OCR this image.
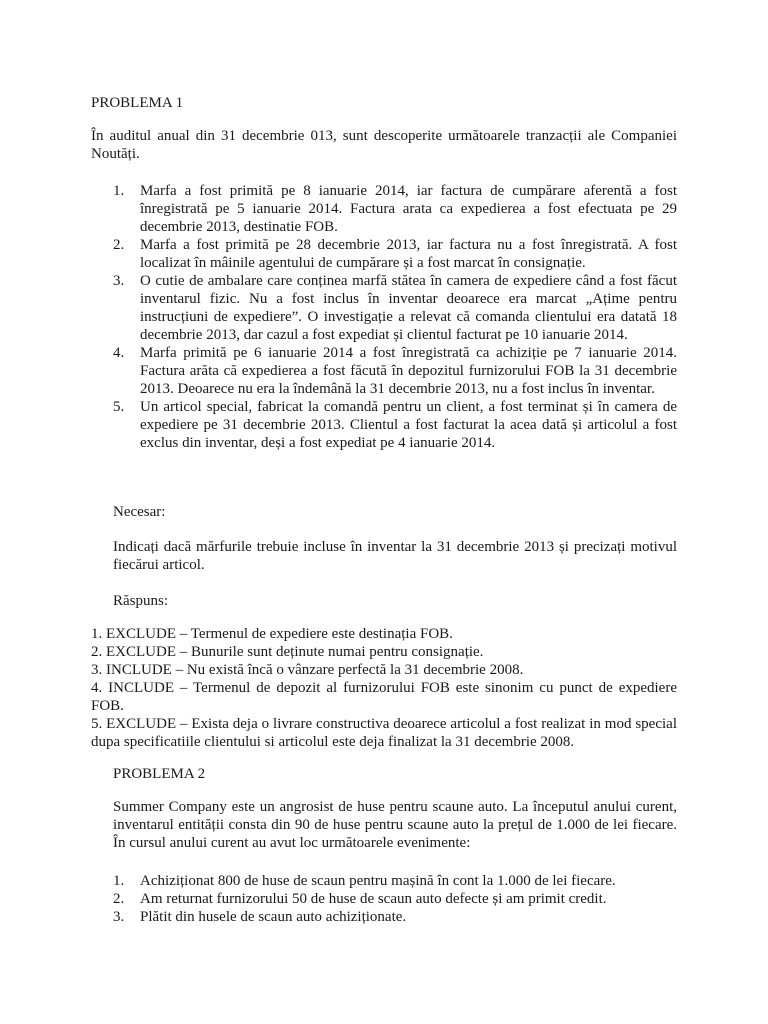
PROBLEMA 1
În auditul anual din 31 decembrie 013, sunt descoperite următoarele tranzacții ale Companiei Noutăți.
1. Marfa a fost primită pe 8 ianuarie 2014, iar factura de cumpărare aferentă a fost înregistrată pe 5 ianuarie 2014. Factura arata ca expedierea a fost efectuata pe 29 decembrie 2013, destinatie FOB.
2. Marfa a fost primită pe 28 decembrie 2013, iar factura nu a fost înregistrată. A fost localizat în mâinile agentului de cumpărare și a fost marcat în consignație.
3. O cutie de ambalare care conținea marfă stătea în camera de expediere când a fost făcut inventarul fizic. Nu a fost inclus în inventar deoarece era marcat „Ațime pentru instrucțiuni de expediere”. O investigație a relevat că comanda clientului era datată 18 decembrie 2013, dar cazul a fost expediat și clientul facturat pe 10 ianuarie 2014.
4. Marfa primită pe 6 ianuarie 2014 a fost înregistrată ca achiziție pe 7 ianuarie 2014. Factura arăta că expedierea a fost făcută în depozitul furnizorului FOB la 31 decembrie 2013. Deoarece nu era la îndemână la 31 decembrie 2013, nu a fost inclus în inventar.
5. Un articol special, fabricat la comandă pentru un client, a fost terminat și în camera de expediere pe 31 decembrie 2013. Clientul a fost facturat la acea dată și articolul a fost exclus din inventar, deși a fost expediat pe 4 ianuarie 2014.
Necesar:
Indicați dacă mărfurile trebuie incluse în inventar la 31 decembrie 2013 și precizați motivul fiecărui articol.
Răspuns:
1. EXCLUDE – Termenul de expediere este destinația FOB.
2. EXCLUDE – Bunurile sunt deținute numai pentru consignație.
3. INCLUDE – Nu există încă o vânzare perfectă la 31 decembrie 2008.
4. INCLUDE – Termenul de depozit al furnizorului FOB este sinonim cu punct de expediere FOB.
5. EXCLUDE – Exista deja o livrare constructiva deoarece articolul a fost realizat in mod special dupa specificatiile clientului si articolul este deja finalizat la 31 decembrie 2008.
PROBLEMA 2
Summer Company este un angrosist de huse pentru scaune auto. La începutul anului curent, inventarul entității consta din 90 de huse pentru scaune auto la prețul de 1.000 de lei fiecare. În cursul anului curent au avut loc următoarele evenimente:
1. Achiziționat 800 de huse de scaun pentru mașină în cont la 1.000 de lei fiecare.
2. Am returnat furnizorului 50 de huse de scaun auto defecte și am primit credit.
3. Plătit din husele de scaun auto achiziționate.
